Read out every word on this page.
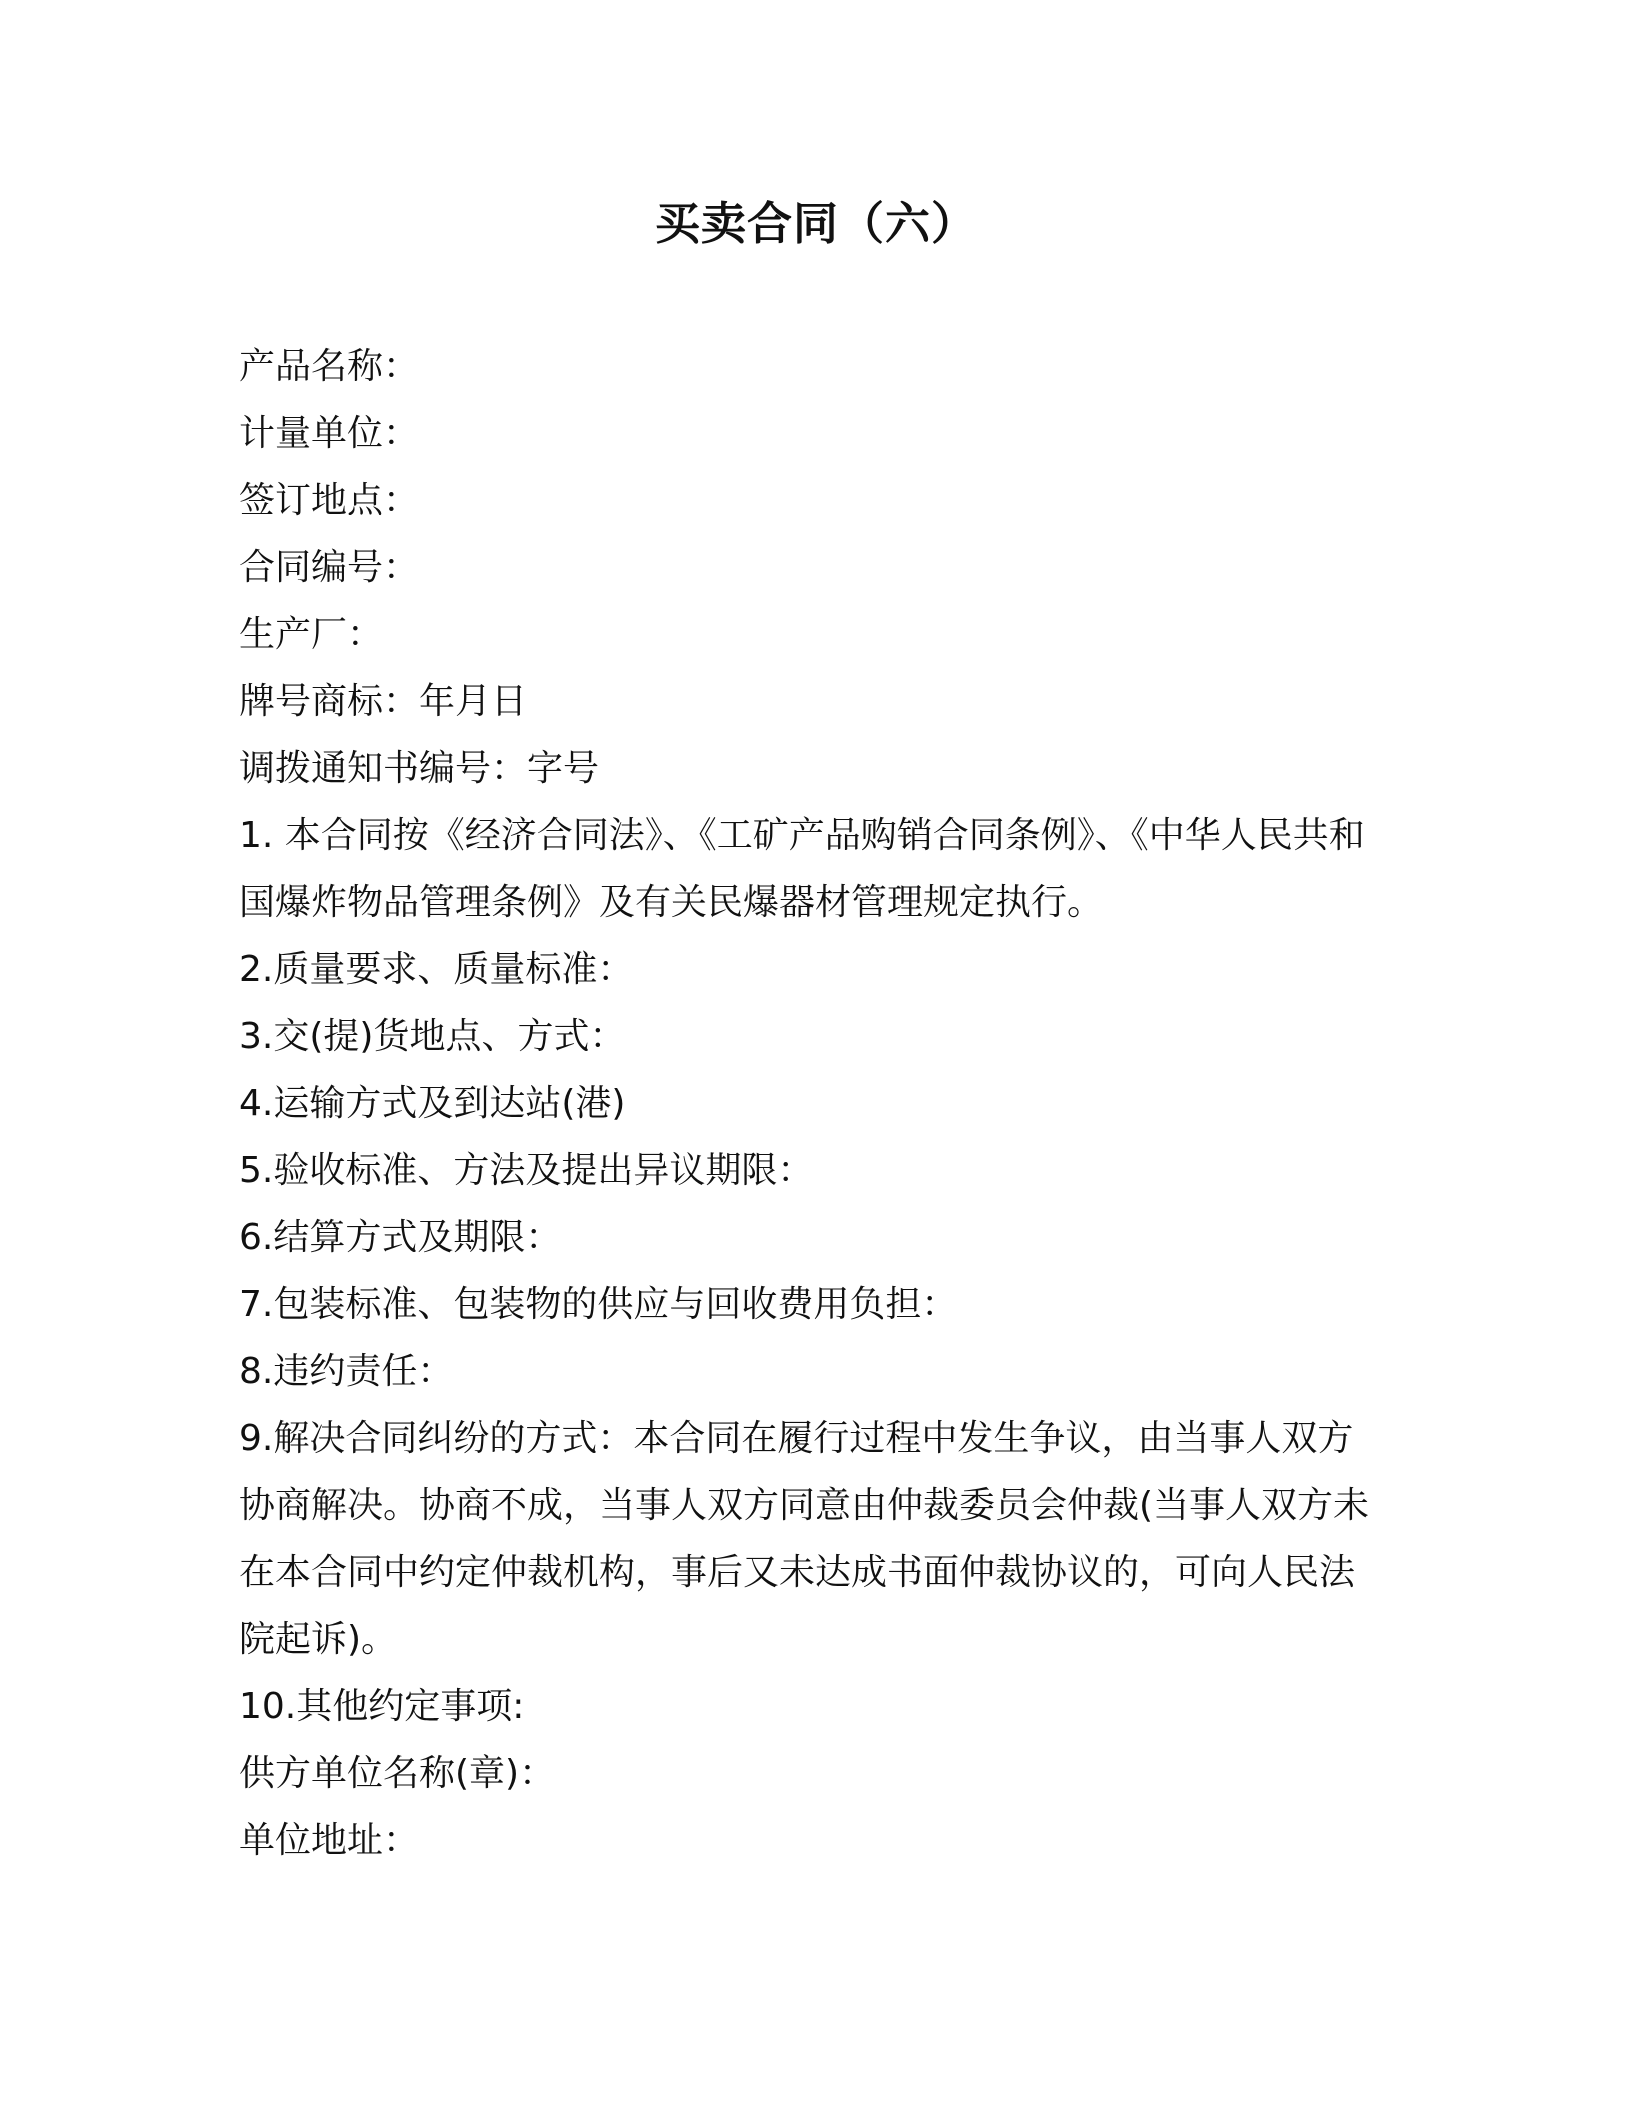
买卖合同（六）

产品名称：

计量单位：

签订地点：

合同编号：

生产厂：

牌号商标：年月日

调拨通知书编号：字号

1. 本合同按《经济合同法》、《工矿产品购销合同条例》、《中华人民共和

国爆炸物品管理条例》及有关民爆器材管理规定执行。

2.质量要求、质量标准：

3.交(提)货地点、方式：

4.运输方式及到达站(港)

5.验收标准、方法及提出异议期限：

6.结算方式及期限：

7.包装标准、包装物的供应与回收费用负担：

8.违约责任：

9.解决合同纠纷的方式：本合同在履行过程中发生争议，由当事人双方

协商解决。协商不成，当事人双方同意由仲裁委员会仲裁(当事人双方未

在本合同中约定仲裁机构，事后又未达成书面仲裁协议的，可向人民法

院起诉)。

10.其他约定事项:

供方单位名称(章)：

单位地址：
